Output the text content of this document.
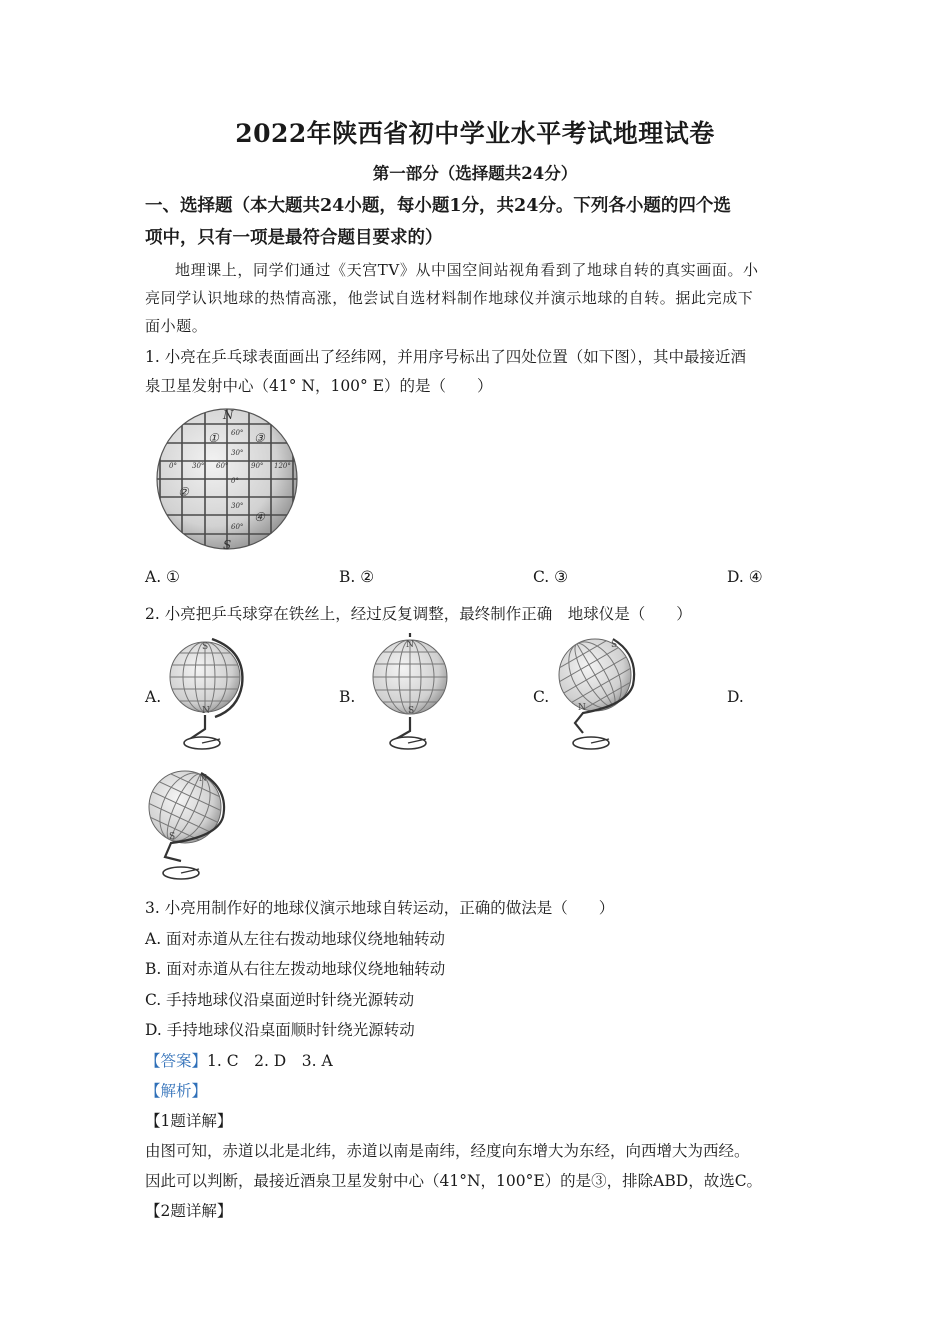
2022年陕西省初中学业水平考试地理试卷
第一部分（选择题共24分）
一、选择题（本大题共24小题，每小题1分，共24分。下列各小题的四个选
项中，只有一项是最符合题目要求的）
地理课上，同学们通过《天宫TV》从中国空间站视角看到了地球自转的真实画面。小
亮同学认识地球的热情高涨，他尝试自选材料制作地球仪并演示地球的自转。据此完成下
面小题。
1. 小亮在乒乓球表面画出了经纬网，并用序号标出了四处位置（如下图），其中最接近酒
泉卫星发射中心（41° N，100° E）的是（　　）
N
S
①
②
③
④
60°
30°
0°
30°
60°
0° 30° 60°	90° 120°
A. ①	B. ②	C. ③	D. ④
2. 小亮把乒乓球穿在铁丝上，经过反复调整，最终制作正确　地球仪是（　　）
A.	B.	C.	D.
S
N
N
S
S
N
N
S
3. 小亮用制作好的地球仪演示地球自转运动，正确的做法是（　　）
A. 面对赤道从左往右拨动地球仪绕地轴转动
B. 面对赤道从右往左拨动地球仪绕地轴转动
C. 手持地球仪沿桌面逆时针绕光源转动
D. 手持地球仪沿桌面顺时针绕光源转动
【答案】1. C　2. D　3. A
【解析】
【1题详解】
由图可知，赤道以北是北纬，赤道以南是南纬，经度向东增大为东经，向西增大为西经。
因此可以判断，最接近酒泉卫星发射中心（41°N，100°E）的是③，排除ABD，故选C。
【2题详解】
